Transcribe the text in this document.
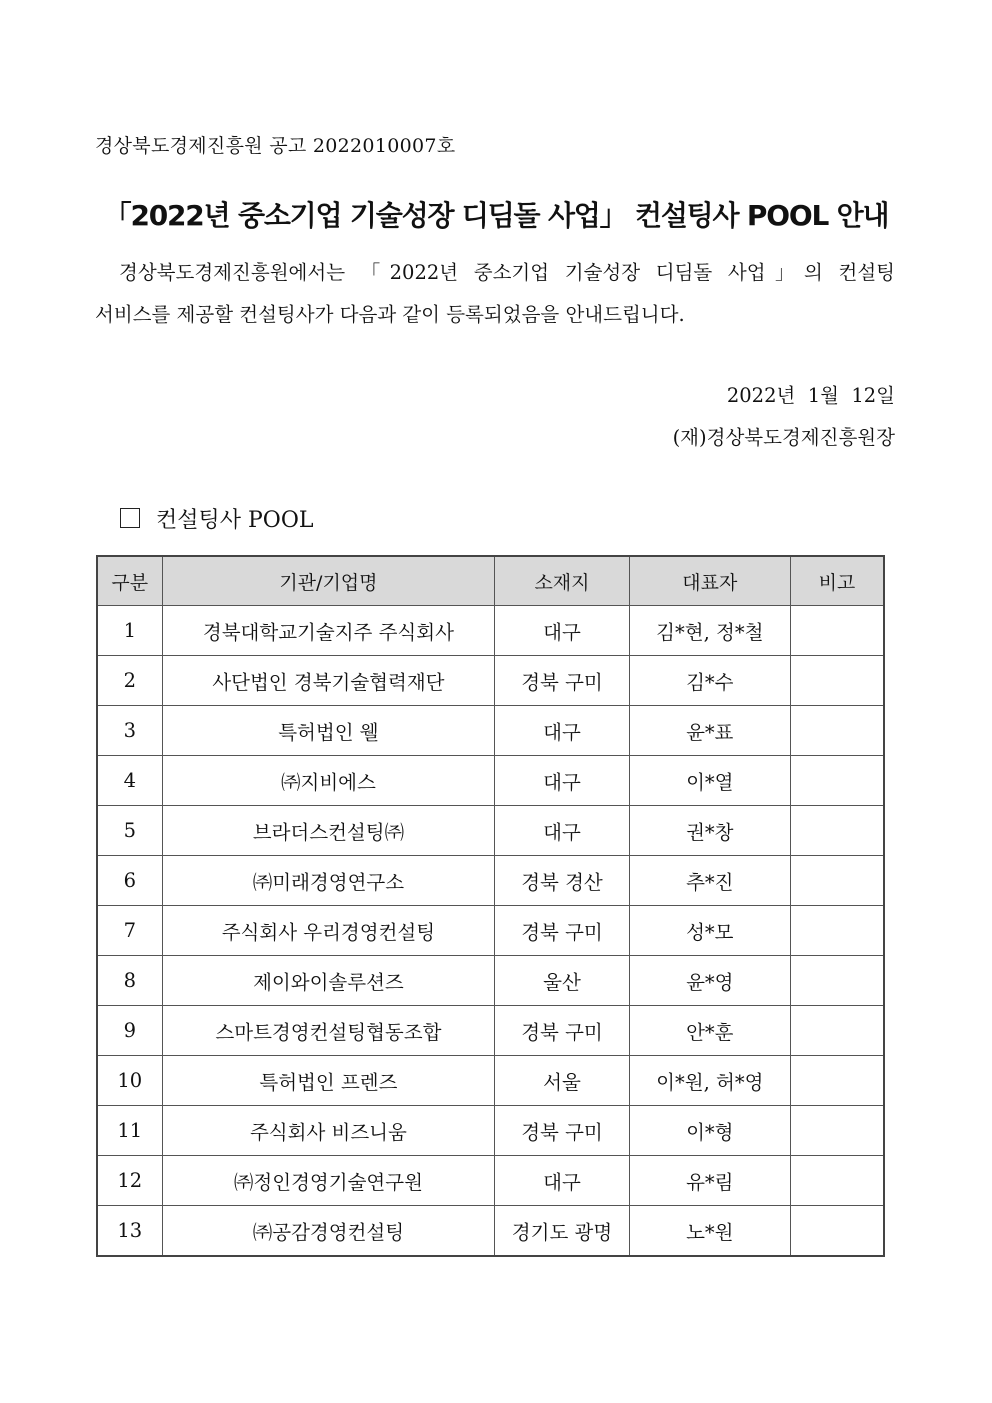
경상북도경제진흥원 공고 2022010007호
「2022년 중소기업 기술성장 디딤돌 사업」 컨설팅사 POOL 안내
경상북도경제진흥원에서는 「2022년 중소기업 기술성장 디딤돌 사업」의 컨설팅
서비스를 제공할 컨설팅사가 다음과 같이 등록되었음을 안내드립니다.
2022년  1월  12일
(재)경상북도경제진흥원장
컨설팅사 POOL
구분	기관/기업명	소재지	대표자	비고
1	경북대학교기술지주 주식회사	대구	김*현, 정*철	
2	사단법인 경북기술협력재단	경북 구미	김*수	
3	특허법인 웰	대구	윤*표	
4	㈜지비에스	대구	이*열	
5	브라더스컨설팅㈜	대구	권*창	
6	㈜미래경영연구소	경북 경산	추*진	
7	주식회사 우리경영컨설팅	경북 구미	성*모	
8	제이와이솔루션즈	울산	윤*영	
9	스마트경영컨설팅협동조합	경북 구미	안*훈	
10	특허법인 프렌즈	서울	이*원, 허*영	
11	주식회사 비즈니움	경북 구미	이*형	
12	㈜정인경영기술연구원	대구	유*림	
13	㈜공감경영컨설팅	경기도 광명	노*원	
